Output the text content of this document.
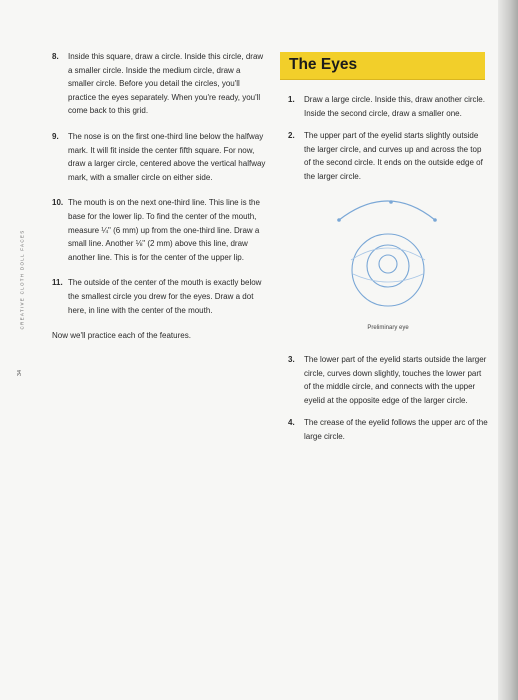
CREATIVE CLOTH DOLL FACES
34
8.	Inside this square, draw a circle. Inside this circle, draw a smaller circle. Inside the medium circle, draw a smaller circle. Before you detail the circles, you'll practice the eyes separately. When you're ready, you'll come back to this grid.
9.	The nose is on the first one-third line below the halfway mark. It will fit inside the center fifth square. For now, draw a larger circle, centered above the vertical halfway mark, with a smaller circle on either side.
10. The mouth is on the next one-third line. This line is the base for the lower lip. To find the center of the mouth, measure ¼" (6 mm) up from the one-third line. Draw a small line. Another ⅛" (2 mm) above this line, draw another line. This is for the center of the upper lip.
11. The outside of the center of the mouth is exactly below the smallest circle you drew for the eyes. Draw a dot here, in line with the center of the mouth.
Now we'll practice each of the features.
The Eyes
1.	Draw a large circle. Inside this, draw another circle. Inside the second circle, draw a smaller one.
2.	The upper part of the eyelid starts slightly outside the larger circle, and curves up and across the top of the second circle. It ends on the outside edge of the larger circle.
Preliminary eye
3.	The lower part of the eyelid starts outside the larger circle, curves down slightly, touches the lower part of the middle circle, and connects with the upper eyelid at the opposite edge of the larger circle.
4.	The crease of the eyelid follows the upper arc of the large circle.
